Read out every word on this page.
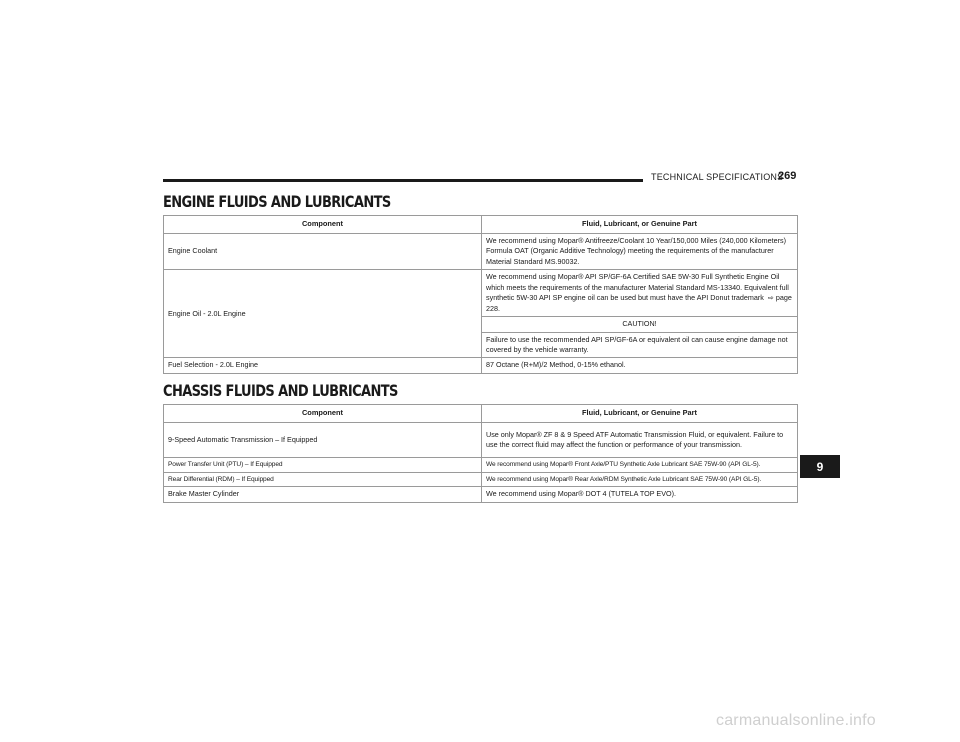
TECHNICAL SPECIFICATIONS
269
ENGINE FLUIDS AND LUBRICANTS
Component	Fluid, Lubricant, or Genuine Part
Engine Coolant	We recommend using Mopar® Antifreeze/Coolant 10 Year/150,000 Miles (240,000 Kilometers) Formula OAT (Organic Additive Technology) meeting the requirements of the manufacturer Material Standard MS.90032.
Engine Oil - 2.0L Engine	We recommend using Mopar® API SP/GF-6A Certified SAE 5W-30 Full Synthetic Engine Oil which meets the requirements of the manufacturer Material Standard MS-13340. Equivalent full synthetic 5W-30 API SP engine oil can be used but must have the API Donut trademark ⇨ page 228.
	CAUTION!
	Failure to use the recommended API SP/GF-6A or equivalent oil can cause engine damage not covered by the vehicle warranty.
Fuel Selection - 2.0L Engine	87 Octane (R+M)/2 Method, 0-15% ethanol.
CHASSIS FLUIDS AND LUBRICANTS
Component	Fluid, Lubricant, or Genuine Part
9-Speed Automatic Transmission – If Equipped	Use only Mopar® ZF 8 & 9 Speed ATF Automatic Transmission Fluid, or equivalent. Failure to use the correct fluid may affect the function or performance of your transmission.
Power Transfer Unit (PTU) – If Equipped	We recommend using Mopar® Front Axle/PTU Synthetic Axle Lubricant SAE 75W-90 (API GL-5).
Rear Differential (RDM) – If Equipped	We recommend using Mopar® Rear Axle/RDM Synthetic Axle Lubricant SAE 75W-90 (API GL-5).
Brake Master Cylinder	We recommend using Mopar® DOT 4 (TUTELA TOP EVO).
9
carmanualsonline.info
